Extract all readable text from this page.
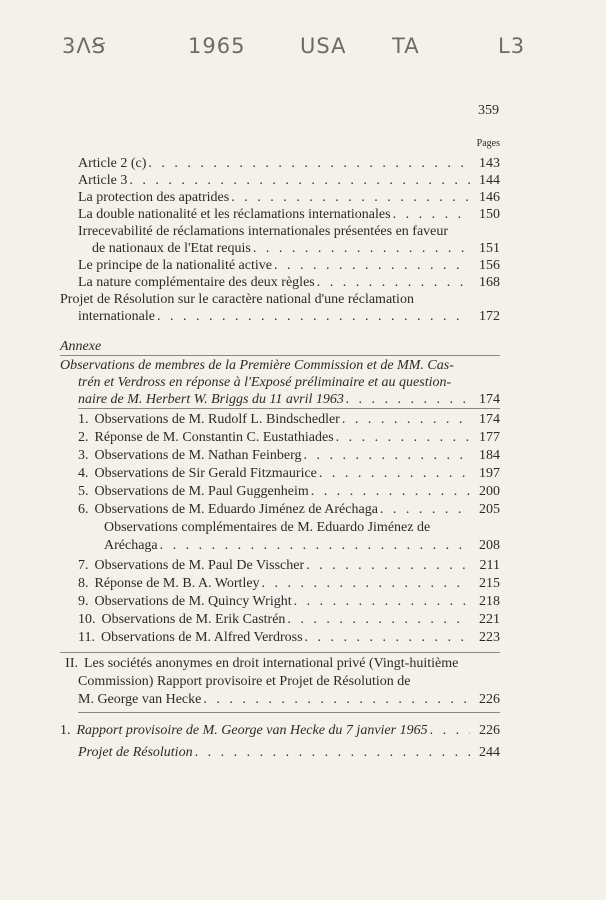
3ɅꞨ	1965	USA TA	L3
359
Pages
Article 2 (c) . . .	143
Article 3 . . .	144
La protection des apatrides . . .	146
La double nationalité et les réclamations internationales . . .	150
Irrecevabilité de réclamations internationales présentées en faveur
de nationaux de l'Etat requis . . .	151
Le principe de la nationalité active . . .	156
La nature complémentaire des deux règles . . .	168
Projet de Résolution sur le caractère national d'une réclamation
internationale . . .	172
Annexe
Observations de membres de la Première Commission et de MM. Cas-
trén et Verdross en réponse à l'Exposé préliminaire et au question-
naire de M. Herbert W. Briggs du 11 avril 1963 . . .	174
1. Observations de M. Rudolf L. Bindschedler . . .	174
2. Réponse de M. Constantin C. Eustathiades . . .	177
3. Observations de M. Nathan Feinberg . . .	184
4. Observations de Sir Gerald Fitzmaurice . . .	197
5. Observations de M. Paul Guggenheim . . .	200
6. Observations de M. Eduardo Jiménez de Aréchaga . . .	205
Observations complémentaires de M. Eduardo Jiménez de
Aréchaga . . .	208
7. Observations de M. Paul De Visscher . . .	211
8. Réponse de M. B. A. Wortley . . .	215
9. Observations de M. Quincy Wright . . .	218
10. Observations de M. Erik Castrén . . .	221
11. Observations de M. Alfred Verdross . . .	223
II. Les sociétés anonymes en droit international privé (Vingt-huitième
Commission) Rapport provisoire et Projet de Résolution de
M. George van Hecke . . .	226
1. Rapport provisoire de M. George van Hecke du 7 janvier 1965 . . .	226
Projet de Résolution . . .	244
